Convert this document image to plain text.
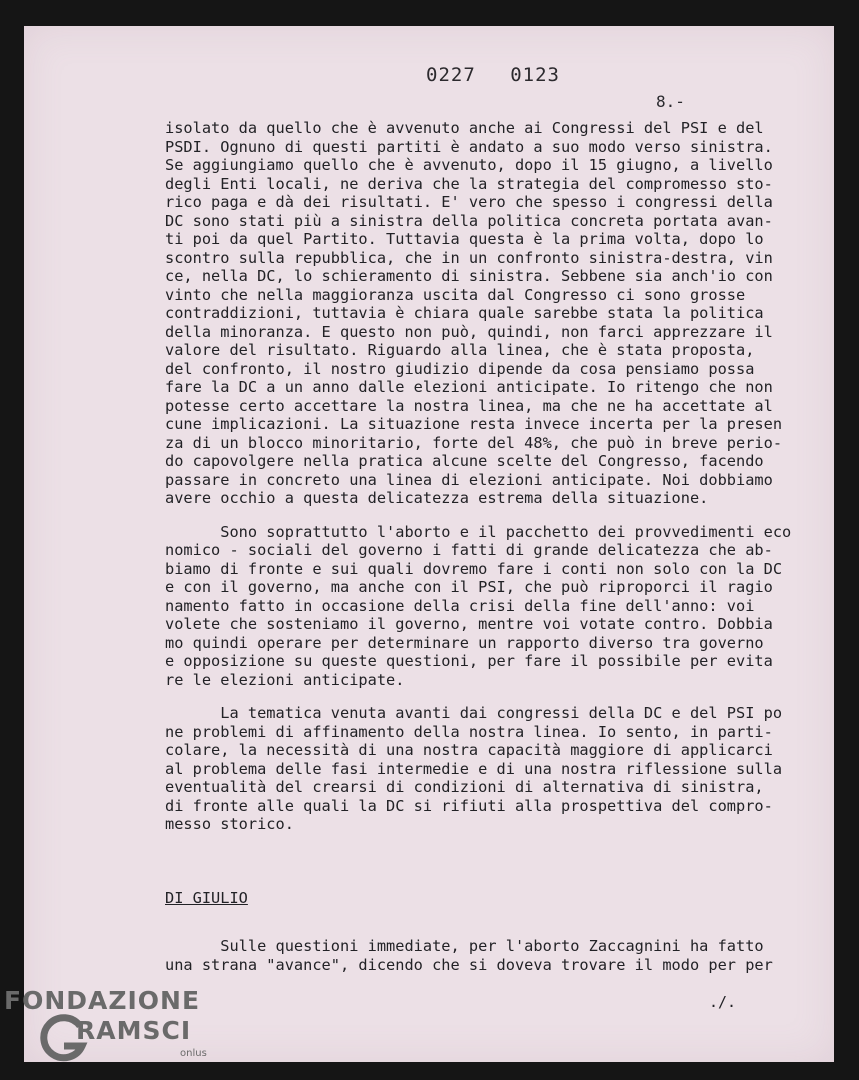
0227 0123
8.-
isolato da quello che è avvenuto anche ai Congressi del PSI e del
PSDI. Ognuno di questi partiti è andato a suo modo verso sinistra.
Se aggiungiamo quello che è avvenuto, dopo il 15 giugno, a livello
degli Enti locali, ne deriva che la strategia del compromesso sto-
rico paga e dà dei risultati. E' vero che spesso i congressi della
DC sono stati più a sinistra della politica concreta portata avan-
ti poi da quel Partito. Tuttavia questa è la prima volta, dopo lo
scontro sulla repubblica, che in un confronto sinistra-destra, vin
ce, nella DC, lo schieramento di sinistra. Sebbene sia anch'io con
vinto che nella maggioranza uscita dal Congresso ci sono grosse
contraddizioni, tuttavia è chiara quale sarebbe stata la politica
della minoranza. E questo non può, quindi, non farci apprezzare il
valore del risultato. Riguardo alla linea, che è stata proposta,
del confronto, il nostro giudizio dipende da cosa pensiamo possa
fare la DC a un anno dalle elezioni anticipate. Io ritengo che non
potesse certo accettare la nostra linea, ma che ne ha accettate al
cune implicazioni. La situazione resta invece incerta per la presen
za di un blocco minoritario, forte del 48%, che può in breve perio-
do capovolgere nella pratica alcune scelte del Congresso, facendo
passare in concreto una linea di elezioni anticipate. Noi dobbiamo
avere occhio a questa delicatezza estrema della situazione.
Sono soprattutto l'aborto e il pacchetto dei provvedimenti eco
nomico - sociali del governo i fatti di grande delicatezza che ab-
biamo di fronte e sui quali dovremo fare i conti non solo con la DC
e con il governo, ma anche con il PSI, che può riproporci il ragio
namento fatto in occasione della crisi della fine dell'anno: voi
volete che sosteniamo il governo, mentre voi votate contro. Dobbia
mo quindi operare per determinare un rapporto diverso tra governo
e opposizione su queste questioni, per fare il possibile per evita
re le elezioni anticipate.
La tematica venuta avanti dai congressi della DC e del PSI po
ne problemi di affinamento della nostra linea. Io sento, in parti-
colare, la necessità di una nostra capacità maggiore di applicarci
al problema delle fasi intermedie e di una nostra riflessione sulla
eventualità del crearsi di condizioni di alternativa di sinistra,
di fronte alle quali la DC si rifiuti alla prospettiva del compro-
messo storico.
DI GIULIO
Sulle questioni immediate, per l'aborto Zaccagnini ha fatto
una strana "avance", dicendo che si doveva trovare il modo per per
./.
FONDAZIONE
RAMSCI
onlus
